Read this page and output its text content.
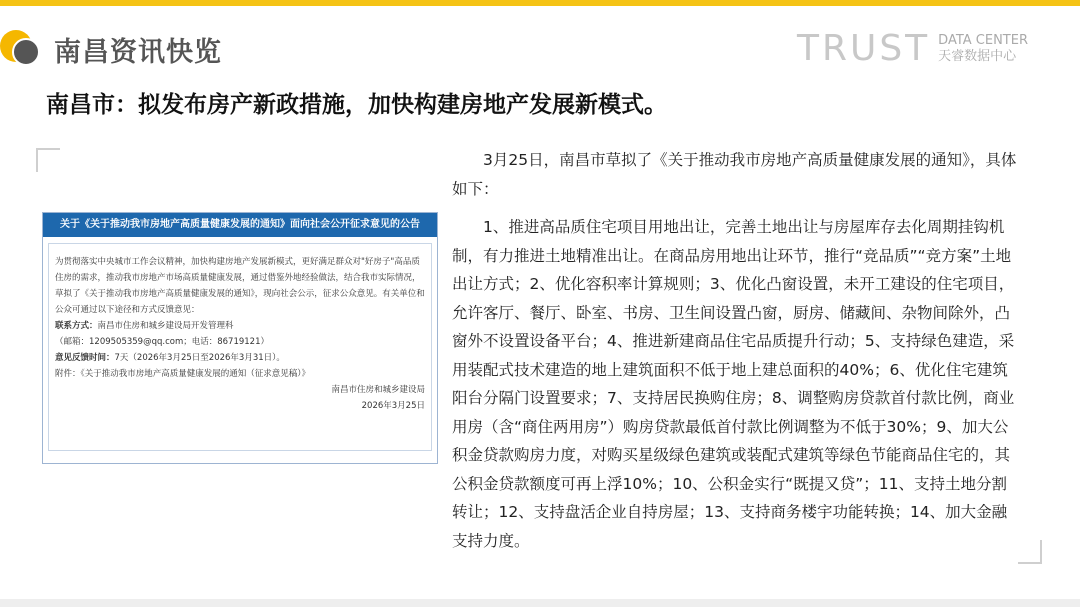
南昌资讯快览	TRUST DATA CENTER
天睿数据中心
南昌市：拟发布房产新政措施，加快构建房地产发展新模式。
关于《关于推动我市房地产高质量健康发展的通知》面向社会公开征求意见的公告

为贯彻落实中央城市工作会议精神，加快构建房地产发展新模式，更好满足群众对"好房子"高品质住房的需求，推动我市房地产市场高质量健康发展，通过借鉴外地经验做法，结合我市实际情况，草拟了《关于推动我市房地产高质量健康发展的通知》，现向社会公示，征求公众意见。有关单位和公众可通过以下途径和方式反馈意见：

联系方式：南昌市住房和城乡建设局开发管理科

（邮箱：1209505359@qq.com；电话：86719121）

意见反馈时间：7天（2026年3月25日至2026年3月31日）。

附件：《关于推动我市房地产高质量健康发展的通知（征求意见稿）》

南昌市住房和城乡建设局

2026年3月25日

3月25日，南昌市草拟了《关于推动我市房地产高质量健康发展的通知》，具体如下：

1、推进高品质住宅项目用地出让，完善土地出让与房屋库存去化周期挂钩机制，有力推进土地精准出让。在商品房用地出让环节，推行“竞品质”“竞方案”土地出让方式；2、优化容积率计算规则；3、优化凸窗设置，未开工建设的住宅项目，允许客厅、餐厅、卧室、书房、卫生间设置凸窗，厨房、储藏间、杂物间除外，凸窗外不设置设备平台；4、推进新建商品住宅品质提升行动；5、支持绿色建造，采用装配式技术建造的地上建筑面积不低于地上建总面积的40%；6、优化住宅建筑阳台分隔门设置要求；7、支持居民换购住房；8、调整购房贷款首付款比例，商业用房（含“商住两用房”）购房贷款最低首付款比例调整为不低于30%；9、加大公积金贷款购房力度，对购买星级绿色建筑或装配式建筑等绿色节能商品住宅的，其公积金贷款额度可再上浮10%；10、公积金实行“既提又贷”；11、支持土地分割转让；12、支持盘活企业自持房屋；13、支持商务楼宇功能转换；14、加大金融支持力度。
